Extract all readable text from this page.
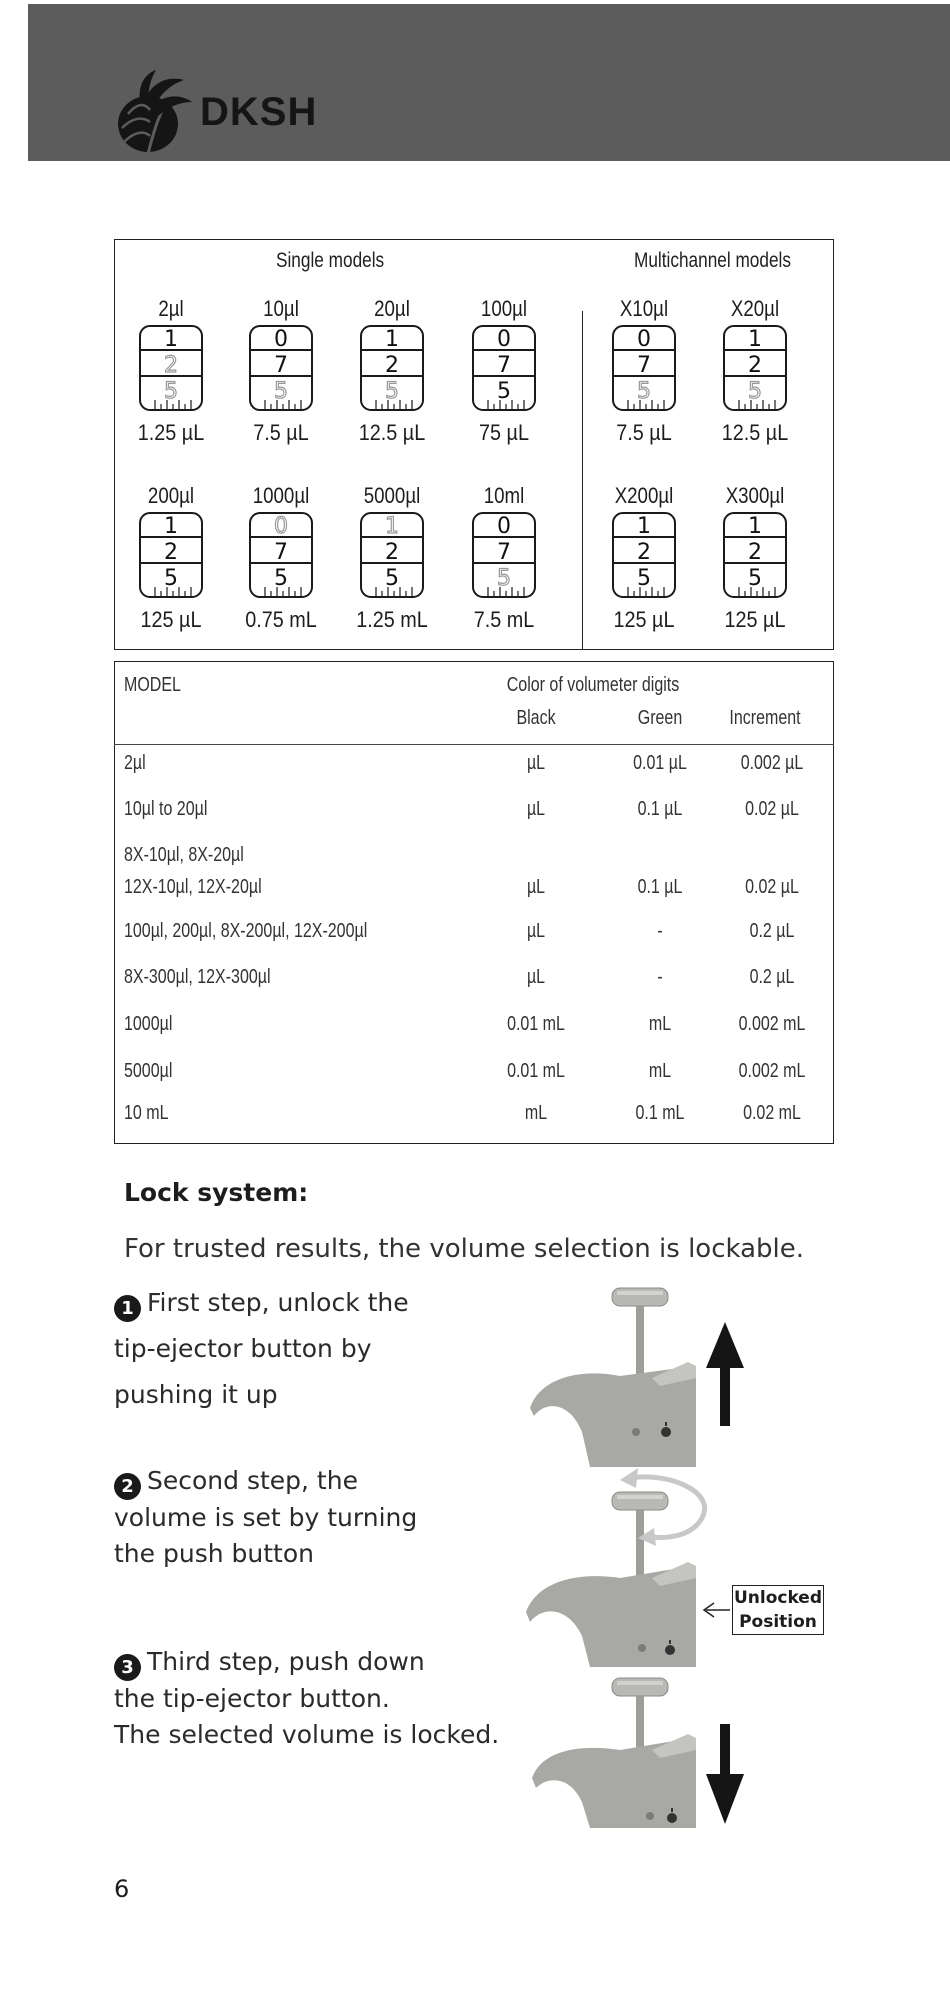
DKSH
Single models	Multichannel models
2µl
1
2
5
1.25 µL
10µl
0
7
5
7.5 µL
20µl
1
2
5
12.5 µL
100µl
0
7
5
75 µL
X10µl
0
7
5
7.5 µL
X20µl
1
2
5
12.5 µL
200µl
1
2
5
125 µL
1000µl
0
7
5
0.75 mL
5000µl
1
2
5
1.25 mL
10ml
0
7
5
7.5 mL
X200µl
1
2
5
125 µL
X300µl
1
2
5
125 µL
MODEL	Color of volumeter digits
Black	Green	Increment
2µl	µL	0.01 µL	0.002 µL
10µl to 20µl	µL	0.1 µL	0.02 µL
8X-10µl, 8X-20µl
12X-10µl, 12X-20µl	µL	0.1 µL	0.02 µL
100µl, 200µl, 8X-200µl, 12X-200µl	µL	-	0.2 µL
8X-300µl, 12X-300µl	µL	-	0.2 µL
1000µl	0.01 mL	mL	0.002 mL
5000µl	0.01 mL	mL	0.002 mL
10 mL	mL	0.1 mL	0.02 mL
Lock system:
For trusted results, the volume selection is lockable.
1 First step, unlock the
tip-ejector button by
pushing it up
2 Second step, the
volume is set by turning
the push button
3 Third step, push down
the tip-ejector button.
The selected volume is locked.
Unlocked
Position
6
